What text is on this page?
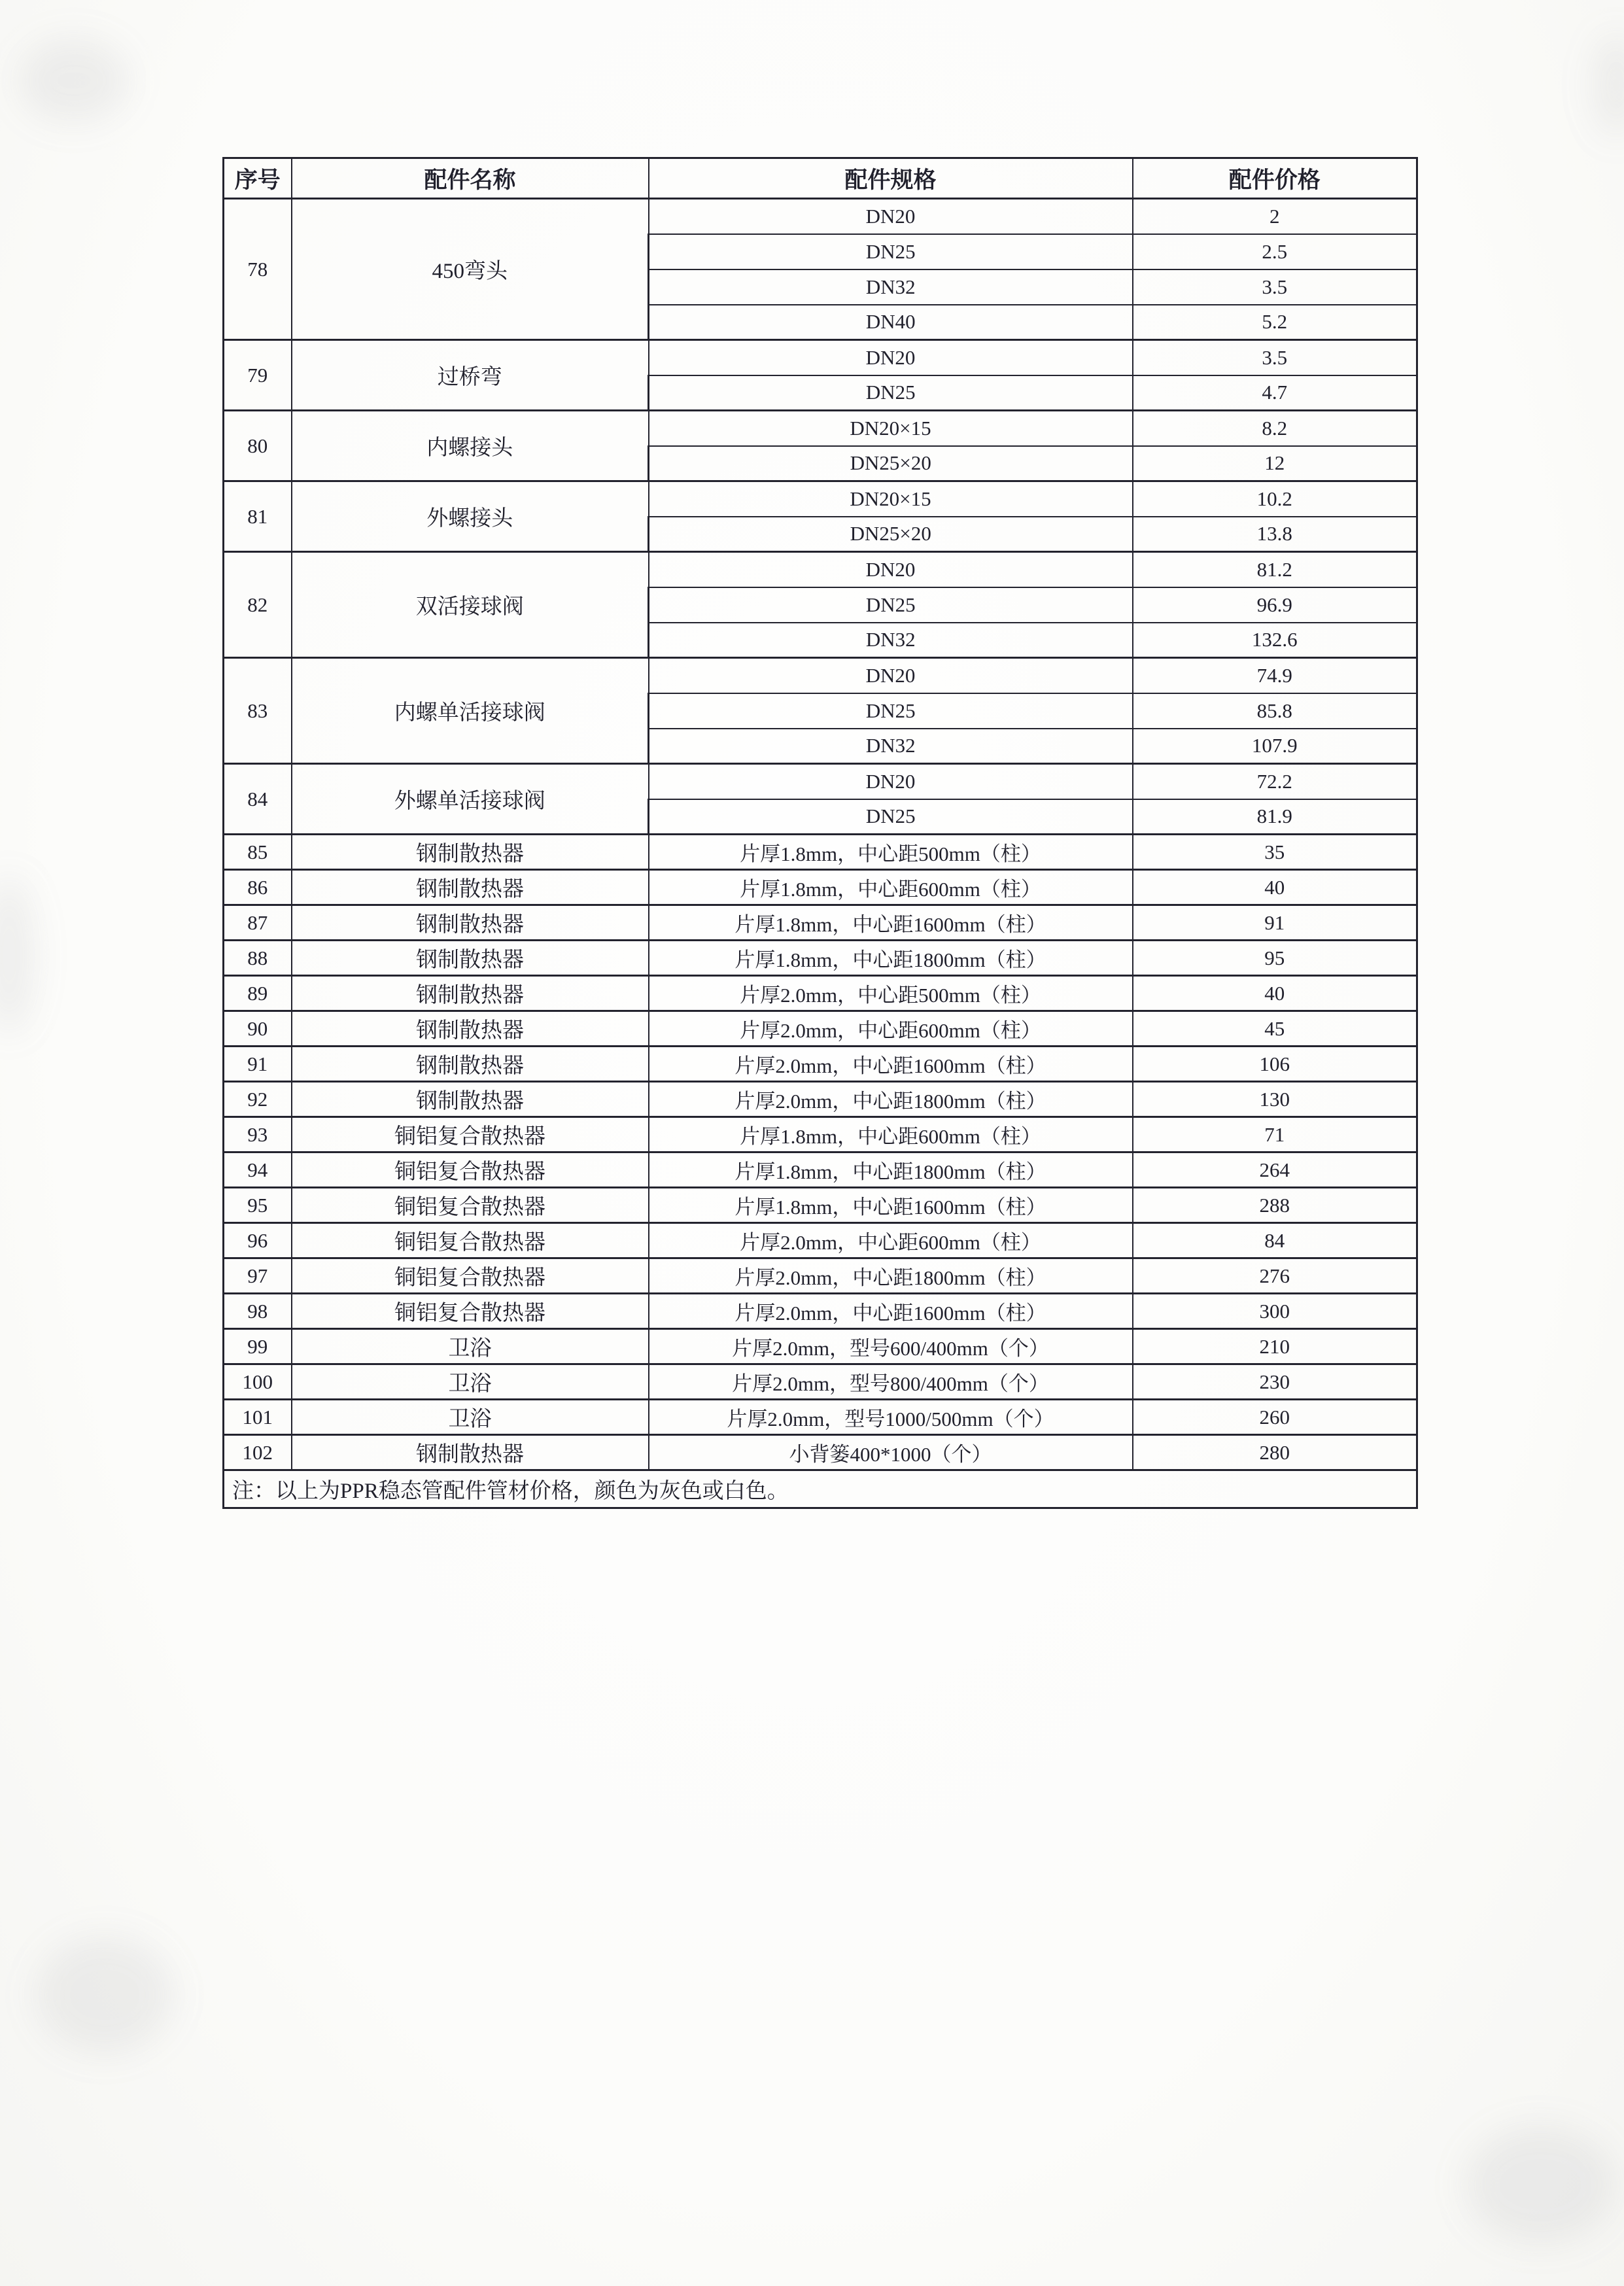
序号	配件名称	配件规格	配件价格
78	450弯头	DN20	2
		DN25	2.5
		DN32	3.5
		DN40	5.2
79	过桥弯	DN20	3.5
		DN25	4.7
80	内螺接头	DN20×15	8.2
		DN25×20	12
81	外螺接头	DN20×15	10.2
		DN25×20	13.8
82	双活接球阀	DN20	81.2
		DN25	96.9
		DN32	132.6
83	内螺单活接球阀	DN20	74.9
		DN25	85.8
		DN32	107.9
84	外螺单活接球阀	DN20	72.2
		DN25	81.9
85	钢制散热器	片厚1.8mm，中心距500mm（柱）	35
86	钢制散热器	片厚1.8mm，中心距600mm（柱）	40
87	钢制散热器	片厚1.8mm，中心距1600mm（柱）	91
88	钢制散热器	片厚1.8mm，中心距1800mm（柱）	95
89	钢制散热器	片厚2.0mm，中心距500mm（柱）	40
90	钢制散热器	片厚2.0mm，中心距600mm（柱）	45
91	钢制散热器	片厚2.0mm，中心距1600mm（柱）	106
92	钢制散热器	片厚2.0mm，中心距1800mm（柱）	130
93	铜铝复合散热器	片厚1.8mm，中心距600mm（柱）	71
94	铜铝复合散热器	片厚1.8mm，中心距1800mm（柱）	264
95	铜铝复合散热器	片厚1.8mm，中心距1600mm（柱）	288
96	铜铝复合散热器	片厚2.0mm，中心距600mm（柱）	84
97	铜铝复合散热器	片厚2.0mm，中心距1800mm（柱）	276
98	铜铝复合散热器	片厚2.0mm，中心距1600mm（柱）	300
99	卫浴	片厚2.0mm，型号600/400mm（个）	210
100	卫浴	片厚2.0mm，型号800/400mm（个）	230
101	卫浴	片厚2.0mm，型号1000/500mm（个）	260
102	钢制散热器	小背篓400*1000（个）	280
注：以上为PPR稳态管配件管材价格，颜色为灰色或白色。			
